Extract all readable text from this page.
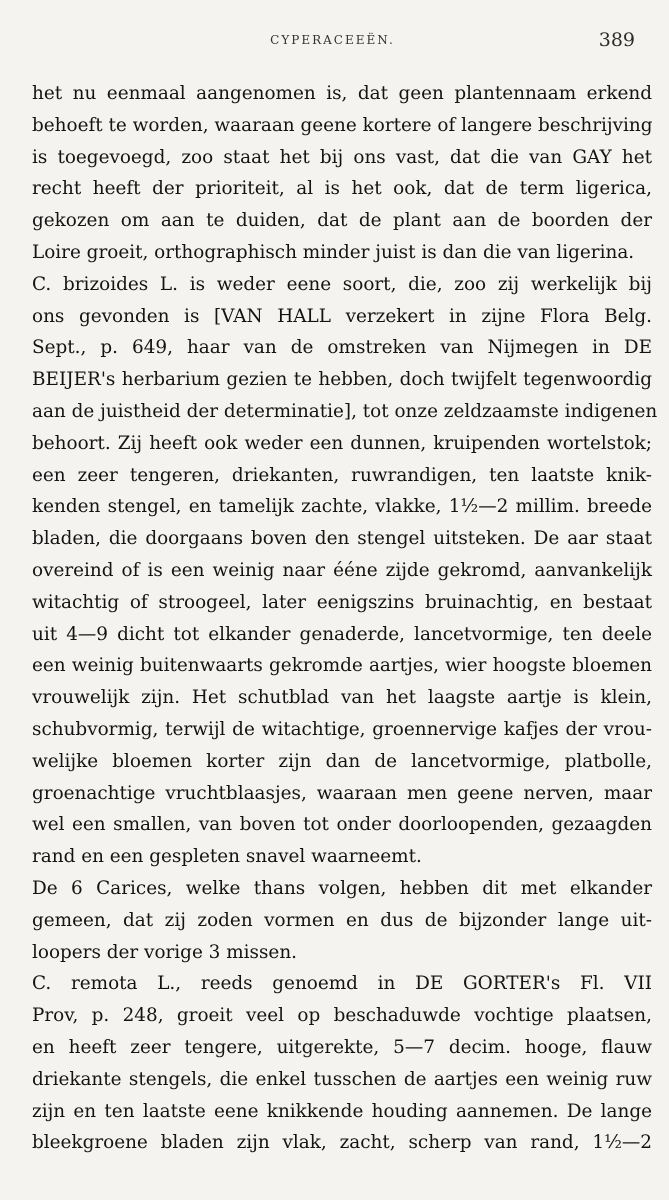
CYPERACEEËN.	389
het nu eenmaal aangenomen is, dat geen plantennaam erkend
behoeft te worden, waaraan geene kortere of langere beschrijving
is toegevoegd, zoo staat het bij ons vast, dat die van GAY het
recht heeft der prioriteit, al is het ook, dat de term ligerica,
gekozen om aan te duiden, dat de plant aan de boorden der
Loire groeit, orthographisch minder juist is dan die van ligerina.
C. brizoides L. is weder eene soort, die, zoo zij werkelijk bij
ons gevonden is [VAN HALL verzekert in zijne Flora Belg.
Sept., p. 649, haar van de omstreken van Nijmegen in DE
BEIJER's herbarium gezien te hebben, doch twijfelt tegenwoordig
aan de juistheid der determinatie], tot onze zeldzaamste indigenen
behoort. Zij heeft ook weder een dunnen, kruipenden wortelstok;
een zeer tengeren, driekanten, ruwrandigen, ten laatste knik-
kenden stengel, en tamelijk zachte, vlakke, 1½—2 millim. breede
bladen, die doorgaans boven den stengel uitsteken. De aar staat
overeind of is een weinig naar ééne zijde gekromd, aanvankelijk
witachtig of stroogeel, later eenigszins bruinachtig, en bestaat
uit 4—9 dicht tot elkander genaderde, lancetvormige, ten deele
een weinig buitenwaarts gekromde aartjes, wier hoogste bloemen
vrouwelijk zijn. Het schutblad van het laagste aartje is klein,
schubvormig, terwijl de witachtige, groennervige kafjes der vrou-
welijke bloemen korter zijn dan de lancetvormige, platbolle,
groenachtige vruchtblaasjes, waaraan men geene nerven, maar
wel een smallen, van boven tot onder doorloopenden, gezaagden
rand en een gespleten snavel waarneemt.
De 6 Carices, welke thans volgen, hebben dit met elkander
gemeen, dat zij zoden vormen en dus de bijzonder lange uit-
loopers der vorige 3 missen.
C. remota L., reeds genoemd in DE GORTER's Fl. VII
Prov, p. 248, groeit veel op beschaduwde vochtige plaatsen,
en heeft zeer tengere, uitgerekte, 5—7 decim. hooge, flauw
driekante stengels, die enkel tusschen de aartjes een weinig ruw
zijn en ten laatste eene knikkende houding aannemen. De lange
bleekgroene bladen zijn vlak, zacht, scherp van rand, 1½—2
